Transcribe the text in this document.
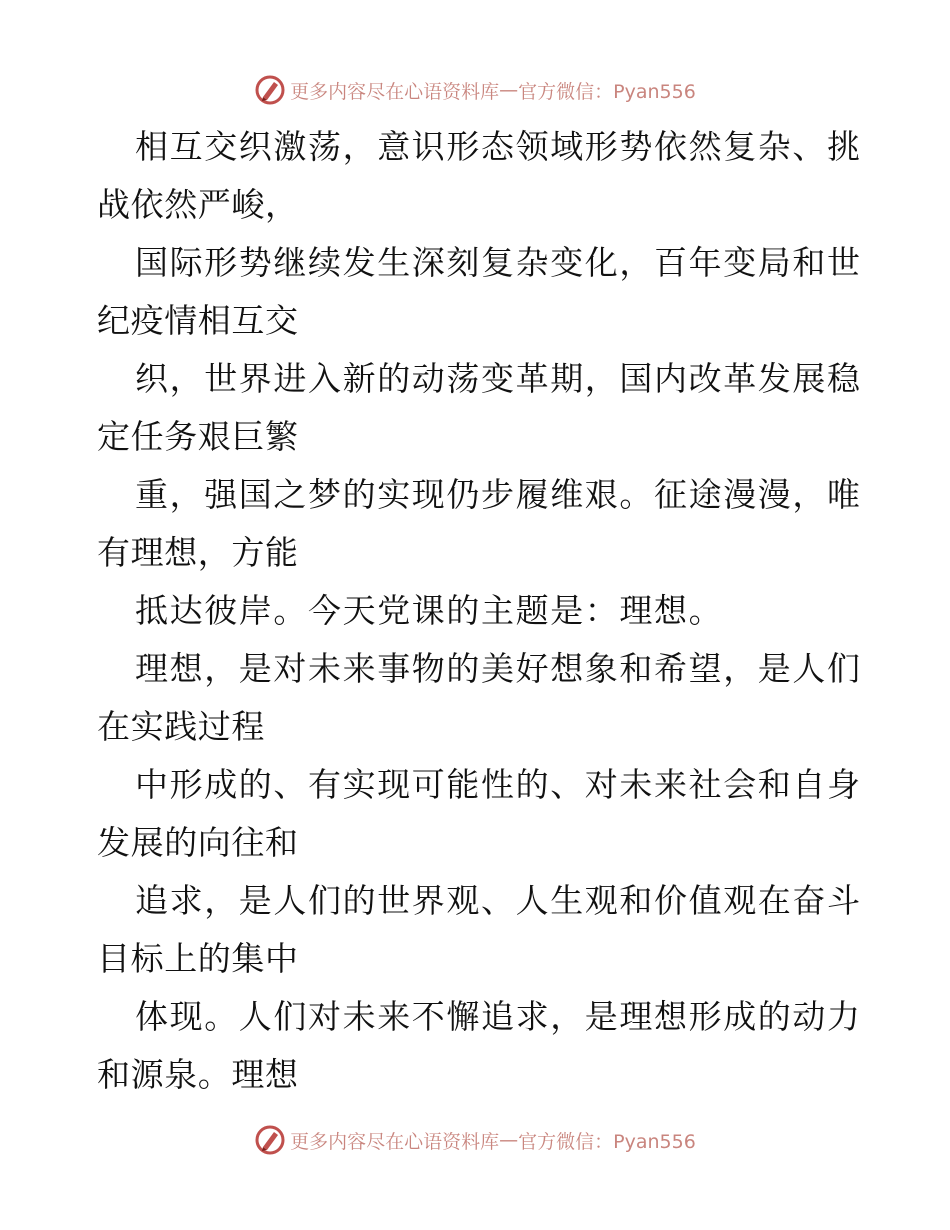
更多内容尽在心语资料库 — 官方微信：Pyan556
相互交织激荡，意识形态领域形势依然复杂、挑
战依然严峻，
国际形势继续发生深刻复杂变化，百年变局和世
纪疫情相互交
织，世界进入新的动荡变革期，国内改革发展稳
定任务艰巨繁
重，强国之梦的实现仍步履维艰。征途漫漫，唯
有理想，方能
抵达彼岸。今天党课的主题是：理想。
理想，是对未来事物的美好想象和希望，是人们
在实践过程
中形成的、有实现可能性的、对未来社会和自身
发展的向往和
追求，是人们的世界观、人生观和价值观在奋斗
目标上的集中
体现。人们对未来不懈追求，是理想形成的动力
和源泉。理想
更多内容尽在心语资料库 — 官方微信：Pyan556
